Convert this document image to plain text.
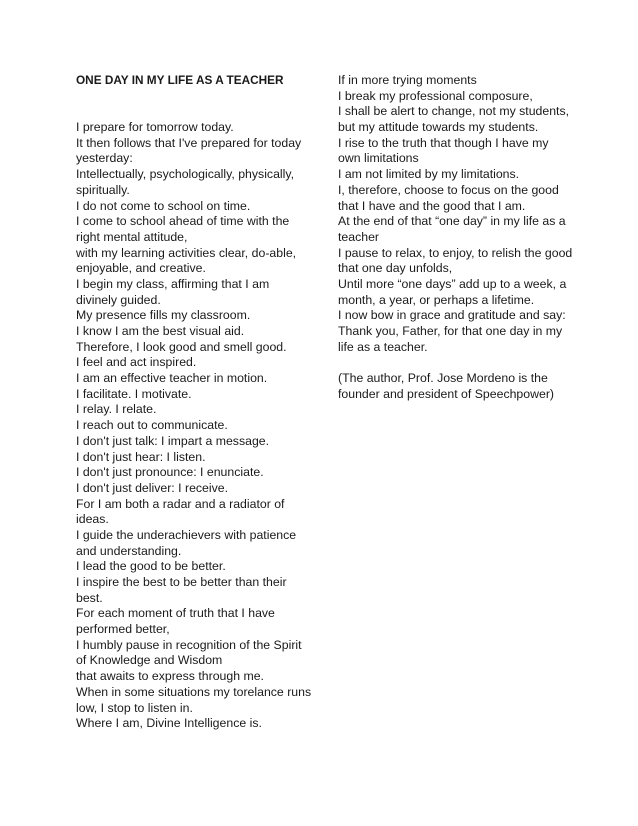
ONE DAY IN MY LIFE AS A TEACHER
I prepare for tomorrow today.
It then follows that I've prepared for today
yesterday:
Intellectually, psychologically, physically,
spiritually.
I do not come to school on time.
I come to school ahead of time with the
right mental attitude,
with my learning activities clear, do-able,
enjoyable, and creative.
I begin my class, affirming that I am
divinely guided.
My presence fills my classroom.
I know I am the best visual aid.
Therefore, I look good and smell good.
I feel and act inspired.
I am an effective teacher in motion.
I facilitate. I motivate.
I relay. I relate.
I reach out to communicate.
I don't just talk: I impart a message.
I don't just hear: I listen.
I don't just pronounce: I enunciate.
I don't just deliver: I receive.
For I am both a radar and a radiator of
ideas.
I guide the underachievers with patience
and understanding.
I lead the good to be better.
I inspire the best to be better than their
best.
For each moment of truth that I have
performed better,
I humbly pause in recognition of the Spirit
of Knowledge and Wisdom
that awaits to express through me.
When in some situations my torelance runs
low, I stop to listen in.
Where I am, Divine Intelligence is.
If in more trying moments
I break my professional composure,
I shall be alert to change, not my students,
but my attitude towards my students.
I rise to the truth that though I have my
own limitations
I am not limited by my limitations.
I, therefore, choose to focus on the good
that I have and the good that I am.
At the end of that “one day” in my life as a
teacher
I pause to relax, to enjoy, to relish the good
that one day unfolds,
Until more “one days” add up to a week, a
month, a year, or perhaps a lifetime.
I now bow in grace and gratitude and say:
Thank you, Father, for that one day in my
life as a teacher.
(The author, Prof. Jose Mordeno is the
founder and president of Speechpower)
